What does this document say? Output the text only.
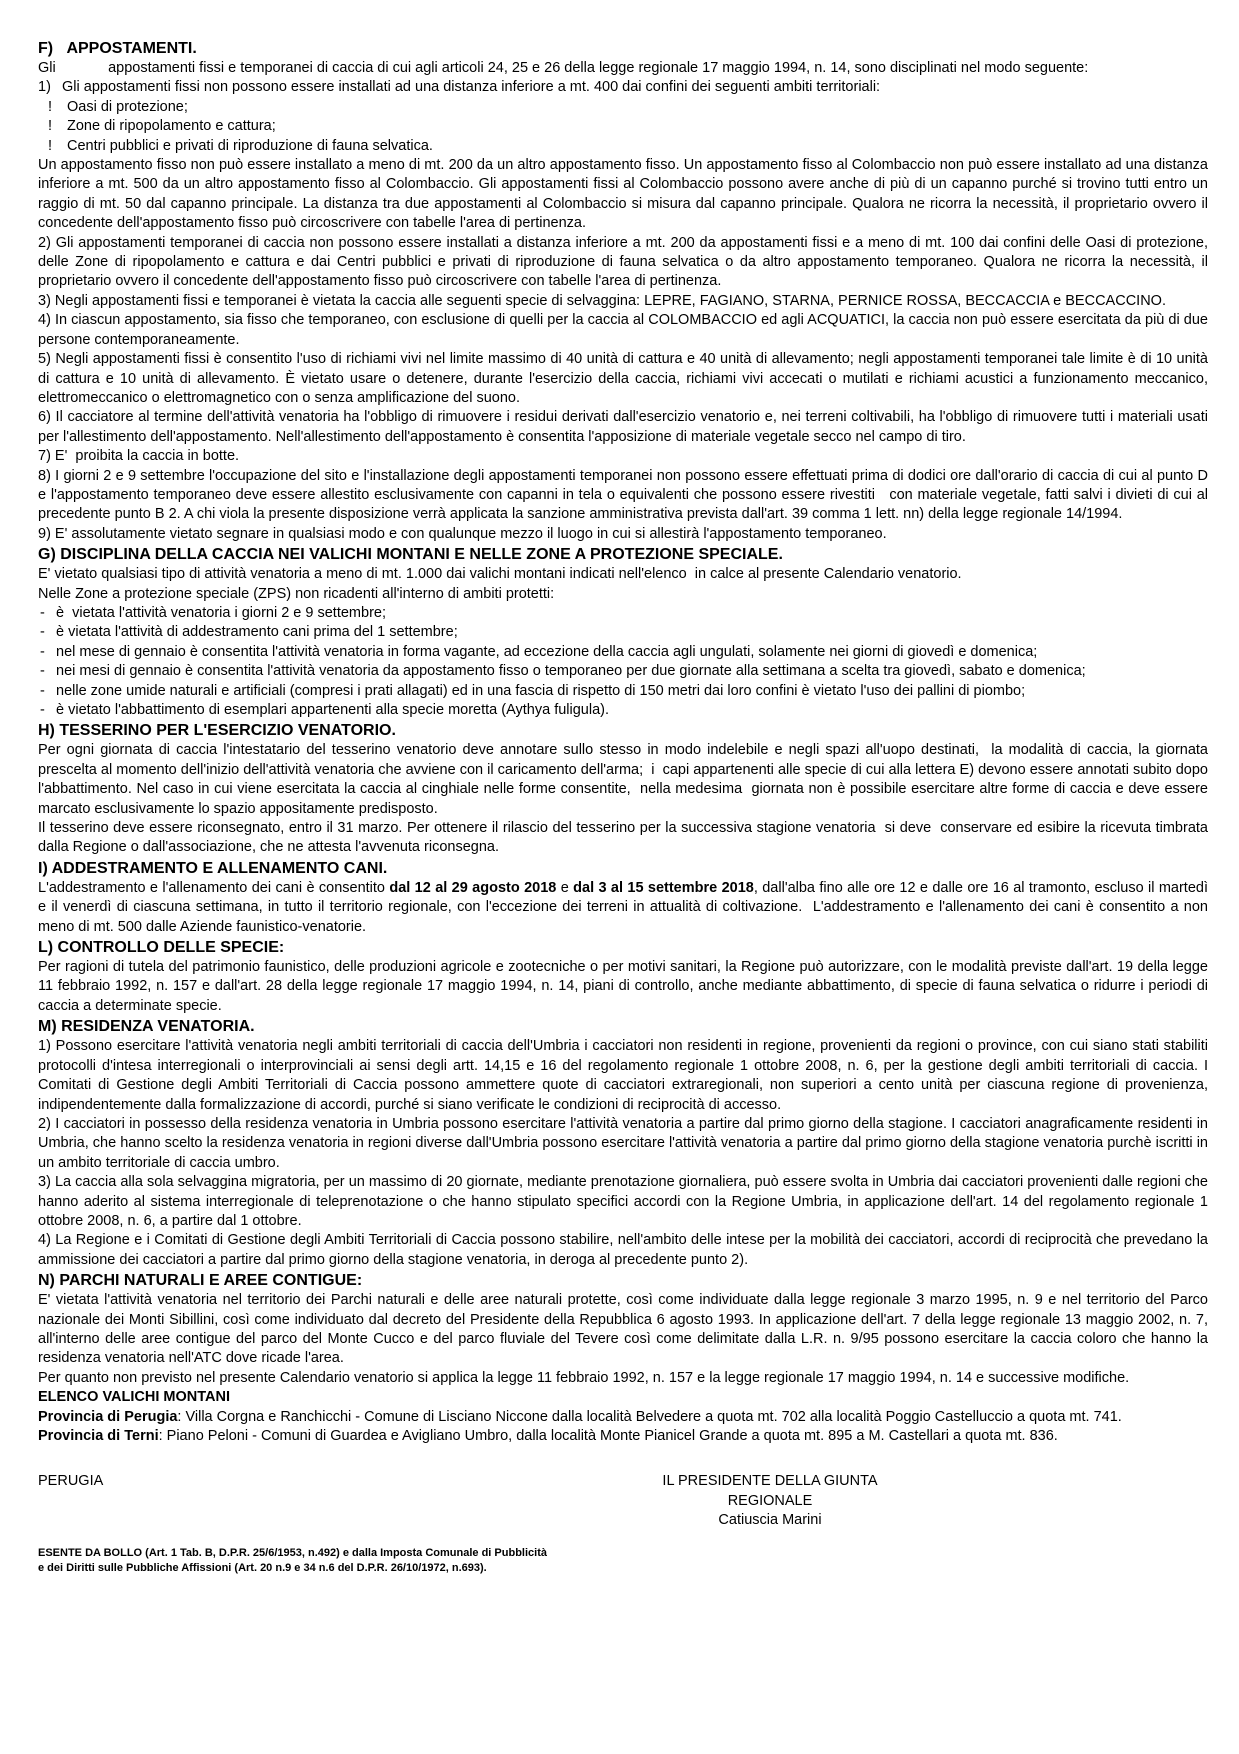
F)   APPOSTAMENTI.
Gli             appostamenti fissi e temporanei di caccia di cui agli articoli 24, 25 e 26 della legge regionale 17 maggio 1994, n. 14, sono disciplinati nel modo seguente:
1) Gli appostamenti fissi non possono essere installati ad una distanza inferiore a mt. 400 dai confini dei seguenti ambiti territoriali:
!	Oasi di protezione;
!	Zone di ripopolamento e cattura;
!	Centri pubblici e privati di riproduzione di fauna selvatica.
Un appostamento fisso non può essere installato a meno di mt. 200 da un altro appostamento fisso. Un appostamento fisso al Colombaccio non può essere installato ad una distanza inferiore a mt. 500 da un altro appostamento fisso al Colombaccio. Gli appostamenti fissi al Colombaccio possono avere anche di più di un capanno purché si trovino tutti entro un raggio di mt. 50 dal capanno principale. La distanza tra due appostamenti al Colombaccio si misura dal capanno principale. Qualora ne ricorra la necessità, il proprietario ovvero il concedente dell'appostamento fisso può circoscrivere con tabelle l'area di pertinenza.
2) Gli appostamenti temporanei di caccia non possono essere installati a distanza inferiore a mt. 200 da appostamenti fissi e a meno di mt. 100 dai confini delle Oasi di protezione, delle Zone di ripopolamento e cattura e dai Centri pubblici e privati di riproduzione di fauna selvatica o da altro appostamento temporaneo. Qualora ne ricorra la necessità, il proprietario ovvero il concedente dell'appostamento fisso può circoscrivere con tabelle l'area di pertinenza.
3) Negli appostamenti fissi e temporanei è vietata la caccia alle seguenti specie di selvaggina: LEPRE, FAGIANO, STARNA, PERNICE ROSSA, BECCACCIA e BECCACCINO.
4) In ciascun appostamento, sia fisso che temporaneo, con esclusione di quelli per la caccia al COLOMBACCIO ed agli ACQUATICI, la caccia non può essere esercitata da più di due persone contemporaneamente.
5) Negli appostamenti fissi è consentito l'uso di richiami vivi nel limite massimo di 40 unità di cattura e 40 unità di allevamento; negli appostamenti temporanei tale limite è di 10 unità di cattura e 10 unità di allevamento. È vietato usare o detenere, durante l'esercizio della caccia, richiami vivi accecati o mutilati e richiami acustici a funzionamento meccanico, elettromeccanico o elettromagnetico con o senza amplificazione del suono.
6) Il cacciatore al termine dell'attività venatoria ha l'obbligo di rimuovere i residui derivati dall'esercizio venatorio e, nei terreni coltivabili, ha l'obbligo di rimuovere tutti i materiali usati per l'allestimento dell'appostamento. Nell'allestimento dell'appostamento è consentita l'apposizione di materiale vegetale secco nel campo di tiro.
7) E'  proibita la caccia in botte.
8) I giorni 2 e 9 settembre l'occupazione del sito e l'installazione degli appostamenti temporanei non possono essere effettuati prima di dodici ore dall'orario di caccia di cui al punto D e l'appostamento temporaneo deve essere allestito esclusivamente con capanni in tela o equivalenti che possono essere rivestiti   con materiale vegetale, fatti salvi i divieti di cui al precedente punto B 2. A chi viola la presente disposizione verrà applicata la sanzione amministrativa prevista dall'art. 39 comma 1 lett. nn) della legge regionale 14/1994.
9) E' assolutamente vietato segnare in qualsiasi modo e con qualunque mezzo il luogo in cui si allestirà l'appostamento temporaneo.
G) DISCIPLINA DELLA CACCIA NEI VALICHI MONTANI E NELLE ZONE A PROTEZIONE SPECIALE.
E' vietato qualsiasi tipo di attività venatoria a meno di mt. 1.000 dai valichi montani indicati nell'elenco  in calce al presente Calendario venatorio.
Nelle Zone a protezione speciale (ZPS) non ricadenti all'interno di ambiti protetti:
- è  vietata l'attività venatoria i giorni 2 e 9 settembre;
- è vietata l'attività di addestramento cani prima del 1 settembre;
- nel mese di gennaio è consentita l'attività venatoria in forma vagante, ad eccezione della caccia agli ungulati, solamente nei giorni di giovedì e domenica;
- nei mesi di gennaio è consentita l'attività venatoria da appostamento fisso o temporaneo per due giornate alla settimana a scelta tra giovedì, sabato e domenica;
- nelle zone umide naturali e artificiali (compresi i prati allagati) ed in una fascia di rispetto di 150 metri dai loro confini è vietato l'uso dei pallini di piombo;
- è vietato l'abbattimento di esemplari appartenenti alla specie moretta (Aythya fuligula).
H) TESSERINO PER L'ESERCIZIO VENATORIO.
Per ogni giornata di caccia l'intestatario del tesserino venatorio deve annotare sullo stesso in modo indelebile e negli spazi all'uopo destinati,  la modalità di caccia, la giornata prescelta al momento dell'inizio dell'attività venatoria che avviene con il caricamento dell'arma;  i  capi appartenenti alle specie di cui alla lettera E) devono essere annotati subito dopo l'abbattimento. Nel caso in cui viene esercitata la caccia al cinghiale nelle forme consentite,  nella medesima  giornata non è possibile esercitare altre forme di caccia e deve essere marcato esclusivamente lo spazio appositamente predisposto.
Il tesserino deve essere riconsegnato, entro il 31 marzo. Per ottenere il rilascio del tesserino per la successiva stagione venatoria  si deve  conservare ed esibire la ricevuta timbrata dalla Regione o dall'associazione, che ne attesta l'avvenuta riconsegna.
I) ADDESTRAMENTO E ALLENAMENTO CANI.
L'addestramento e l'allenamento dei cani è consentito dal 12 al 29 agosto 2018 e dal 3 al 15 settembre 2018, dall'alba fino alle ore 12 e dalle ore 16 al tramonto, escluso il martedì e il venerdì di ciascuna settimana, in tutto il territorio regionale, con l'eccezione dei terreni in attualità di coltivazione.  L'addestramento e l'allenamento dei cani è consentito a non meno di mt. 500 dalle Aziende faunistico-venatorie.
L) CONTROLLO DELLE SPECIE:
Per ragioni di tutela del patrimonio faunistico, delle produzioni agricole e zootecniche o per motivi sanitari, la Regione può autorizzare, con le modalità previste dall'art. 19 della legge 11 febbraio 1992, n. 157 e dall'art. 28 della legge regionale 17 maggio 1994, n. 14, piani di controllo, anche mediante abbattimento, di specie di fauna selvatica o ridurre i periodi di caccia a determinate specie.
M) RESIDENZA VENATORIA.
1) Possono esercitare l'attività venatoria negli ambiti territoriali di caccia dell'Umbria i cacciatori non residenti in regione, provenienti da regioni o province, con cui siano stati stabiliti protocolli d'intesa interregionali o interprovinciali ai sensi degli artt. 14,15 e 16 del regolamento regionale 1 ottobre 2008, n. 6, per la gestione degli ambiti territoriali di caccia. I Comitati di Gestione degli Ambiti Territoriali di Caccia possono ammettere quote di cacciatori extraregionali, non superiori a cento unità per ciascuna regione di provenienza, indipendentemente dalla formalizzazione di accordi, purché si siano verificate le condizioni di reciprocità di accesso.
2) I cacciatori in possesso della residenza venatoria in Umbria possono esercitare l'attività venatoria a partire dal primo giorno della stagione. I cacciatori anagraficamente residenti in Umbria, che hanno scelto la residenza venatoria in regioni diverse dall'Umbria possono esercitare l'attività venatoria a partire dal primo giorno della stagione venatoria purchè iscritti in un ambito territoriale di caccia umbro.
3) La caccia alla sola selvaggina migratoria, per un massimo di 20 giornate, mediante prenotazione giornaliera, può essere svolta in Umbria dai cacciatori provenienti dalle regioni che hanno aderito al sistema interregionale di teleprenotazione o che hanno stipulato specifici accordi con la Regione Umbria, in applicazione dell'art. 14 del regolamento regionale 1 ottobre 2008, n. 6, a partire dal 1 ottobre.
4) La Regione e i Comitati di Gestione degli Ambiti Territoriali di Caccia possono stabilire, nell'ambito delle intese per la mobilità dei cacciatori, accordi di reciprocità che prevedano la ammissione dei cacciatori a partire dal primo giorno della stagione venatoria, in deroga al precedente punto 2).
N) PARCHI NATURALI E AREE CONTIGUE:
E' vietata l'attività venatoria nel territorio dei Parchi naturali e delle aree naturali protette, così come individuate dalla legge regionale 3 marzo 1995, n. 9 e nel territorio del Parco nazionale dei Monti Sibillini, così come individuato dal decreto del Presidente della Repubblica 6 agosto 1993. In applicazione dell'art. 7 della legge regionale 13 maggio 2002, n. 7, all'interno delle aree contigue del parco del Monte Cucco e del parco fluviale del Tevere così come delimitate dalla L.R. n. 9/95 possono esercitare la caccia coloro che hanno la residenza venatoria nell'ATC dove ricade l'area.
Per quanto non previsto nel presente Calendario venatorio si applica la legge 11 febbraio 1992, n. 157 e la legge regionale 17 maggio 1994, n. 14 e successive modifiche.
ELENCO VALICHI MONTANI
Provincia di Perugia: Villa Corgna e Ranchicchi - Comune di Lisciano Niccone dalla località Belvedere a quota mt. 702 alla località Poggio Castelluccio a quota mt. 741.
Provincia di Terni: Piano Peloni - Comuni di Guardea e Avigliano Umbro, dalla località Monte Pianicel Grande a quota mt. 895 a M. Castellari a quota mt. 836.
PERUGIA	IL PRESIDENTE DELLA GIUNTA REGIONALE
Catiuscia Marini
ESENTE DA BOLLO (Art. 1 Tab. B, D.P.R. 25/6/1953, n.492) e dalla Imposta Comunale di Pubblicità
e dei Diritti sulle Pubbliche Affissioni (Art. 20 n.9 e 34 n.6 del D.P.R. 26/10/1972, n.693).
